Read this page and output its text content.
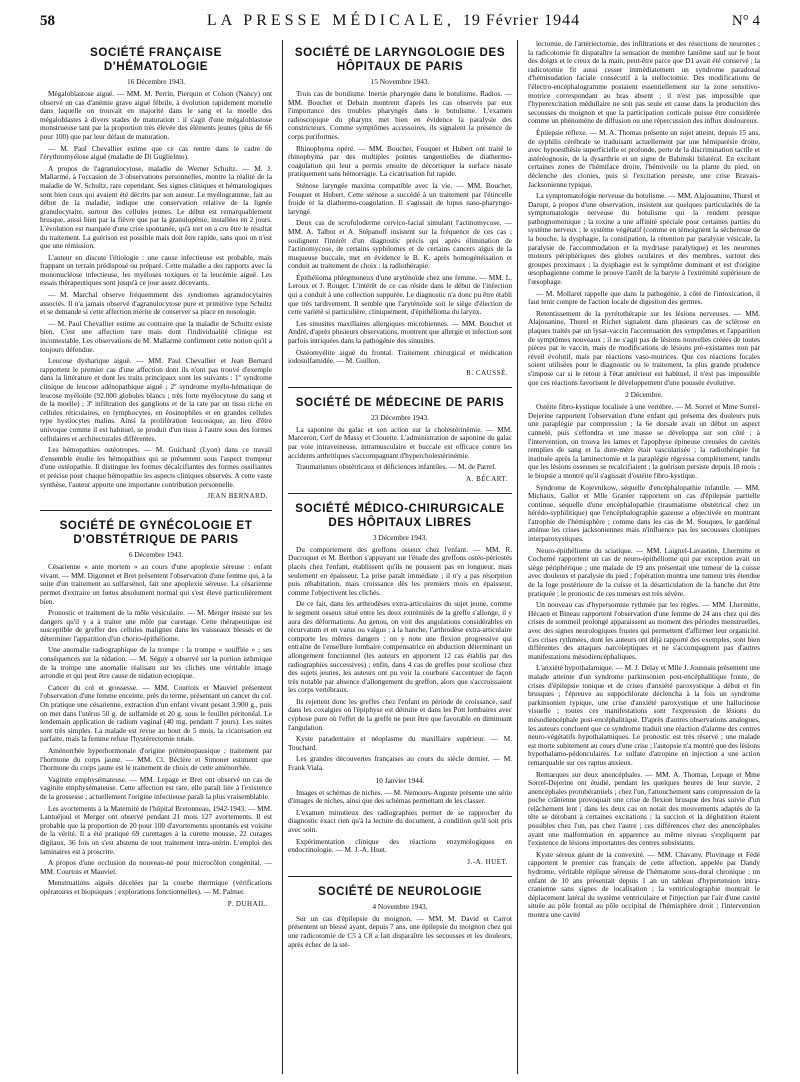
58	LA PRESSE MÉDICALE, 19 Février 1944	N° 4
SOCIÉTÉ FRANÇAISE D'HÉMATOLOGIE
16 Décembre 1943.

Mégaloblastose aiguë. — MM. M. Perrin, Pierquin et Colson (Nancy) ont observé un cas d'anémie grave aiguë fébrile, à évolution rapidement mortelle dans laquelle on trouvait en majorité dans le sang et la moelle des mégaloblastes à divers stades de maturation : il s'agit d'une mégaloblastose monstrueuse tant par la proportion très élevée des éléments jeunes (plus de 66 pour 100) que par leur défaut de maturation.

— M. Paul Chevallier estime que ce cas rentre dans le cadre de l'érythromyélose aiguë (maladie de Di Guglielmo).

A propos de l'agranulocytose, maladie de Werner Schultz. — M. J. Mallarmé, à l'occasion de 3 observations personnelles, montre la réalité de la maladie de W. Schultz, rare cependant. Ses signes cliniques et hématologiques sont bien ceux qui avaient été décrits par son auteur. Le myélogramme, fait au début de la maladie, indique une conservation relative de la lignée granulocytaire, surtout des cellules jeunes. Le début est remarquablement brusque, aussi bien par la fièvre que par la granulopénie, installées en 2 jours. L'évolution est marquée d'une crise spontanée, qu'à tort on a cru être le résultat du traitement. La guérison est possible mais doit être rapide, sans quoi on n'est que une rémission.

L'auteur en discute l'étiologie : une cause infectieuse est probable, mais frappant un terrain prédisposé ou préparé. Cette maladie a des rapports avec la mononucléose infectieuse, les myéloses toxiques et la leucémie aiguë. Les essais thérapeutiques sont jusqu'à ce jour assez décevants.

— M. Marchal observe fréquemment des syndromes agranulocytaires associés. Il n'a jamais observé d'agranulocytose pure et primitive type Schultz et se demande si cette affection mérite de conserver sa place en nosologie.

— M. Paul Chevallier estime au contraire que la maladie de Schultz existe bien. C'est une affection rare mais dont l'individualité clinique est incontestable. Les observations de M. Mallarmé confirment cette notion qu'il a toujours défendue.

Leucose dysharique aiguë. — MM. Paul Chevallier et Jean Bernard rapportent le premier cas d'une affection dont ils n'ont pas trouvé d'exemple dans la littérature et dont les traits principaux sont les suivants : 1º syndrome clinique de leucose adénopathique aiguë ; 2º syndrome myélo-hématique de leucose myéloïde (92.000 globules blancs ; très forte myélocytose du sang et de la moelle) ; 3º infiltration des ganglions et de la rate par un tissu riche en cellules réticulaires, en lymphocytes, en éosinophiles et en grandes cellules type hystiocytes malins. Ainsi la prolifération leucosique, au lieu d'être univoque comme il est habituel, se produit d'un tissu à l'autre sous des formes cellulaires et architecturales différentes.

Les hémopathies ostéotropes. — M. Guichard (Lyon) dans ce travail d'ensemble étudie les hémopathies qui se présentent sous l'aspect trompeur d'une ostéopathie. Il distingue les formes décalcifiantes des formes ossifiantes et précise pour chaque hémopathie les aspects cliniques observés. A cette vaste synthèse, l'auteur apporte une importante contribution personnelle.

JEAN BERNARD.
SOCIÉTÉ DE GYNÉCOLOGIE ET D'OBSTÉTRIQUE DE PARIS
6 Décembre 1943.

Césarienne « ante mortem » au cours d'une apoplexie séreuse : enfant vivant. — MM. Digonnet et Bret présentent l'observation d'une femme qui, à la suite d'un traitement au sulfarsénol, fait une apoplexie séreuse. La césarienne permet d'extraire un fœtus absolument normal qui s'est élevé particulièrement bien.

Pronostic et traitement de la môle vésiculaire. — M. Merger insiste sur les dangers qu'il y a à traiter une môle par curetage. Cette thérapeutique est susceptible de greffer des cellules malignes dans les vaisseaux blessés et de déterminer l'apparition d'un chorio-épithéliome.

Une anomalie radiographique de la trompe : la trompe « soufflée » ; ses conséquences sur la nidation. — M. Séguy a observé sur la portion isthmique de la trompe une anomalie réalisant sur les clichés une véritable image arrondie et qui peut être cause de nidation ectopique.

Cancer du col et grossesse. — MM. Courtois et Mauviel présentent l'observation d'une femme enceinte, près du terme, présentant un cancer du col. On pratique une césarienne, extraction d'un enfant vivant pesant 3.900 g., puis on met dans l'utérus 50 g. de sulfamide et 20 g. sous le feuillet péritonéal. Le lendemain application de radium vaginal (40 mg. pendant 7 jours). Les suites sont très simples. La malade est revue au bout de 5 mois, la cicatrisation est parfaite, mais la femme refuse l'hystérectomie totale.

Aménorrhée hyperhormonale d'origine préménopausique ; traitement par l'hormone du corps jaune. — MM. Cl. Béclère et Simonet estiment que l'hormone du corps jaune est le traitement de choix de cette aménorrhée.

Vaginite emphysémateuse. — MM. Lepage et Bret ont observé un cas de vaginite emphysémateuse. Cette affection est rare, elle paraît liée à l'existence de la grossesse ; actuellement l'origine infectieuse paraît la plus vraisemblable.

Les avortements à la Maternité de l'hôpital Bretonneau, 1942-1943. — MM. Lantuéjoul et Merger ont observé pendant 21 mois 127 avortements. Il est probable que la proportion de 20 pour 100 d'avortements spontanés est voisine de la vérité. Il a été pratiqué 69 curettages à la curette mousse, 22 curages digitaux, 36 fois on s'est abstenu de tout traitement intra-utérin. L'emploi des laminaires est à proscrire.

A propos d'une occlusion du nouveau-né pour microcôlon congénital. — MM. Courtois et Mauviel.

Menstruations aiguës décelées par la courbe thermique (vérifications opératoires et biopsiques ; explorations fonctionnelles). — M. Palmer.

P. DUHAIL.
SOCIÉTÉ DE LARYNGOLOGIE DES HÔPITAUX DE PARIS
15 Novembre 1943.

Trois cas de botulisme. Inertie pharyngée dans le botulisme. Radios. — MM. Bouchet et Debain montrent d'après les cas observés par eux l'importance des troubles pharyngés dans le botulisme. L'examen radioscopique du pharynx met bien en évidence la paralysie des constricteurs. Comme symptômes accessoires, ils signalent la présence de corps puriformes.

Rhinophyma opéré. — MM. Bouchet, Fouquet et Hubert ont traité le rhinophyma par des multiples pointes tangentielles de diathermo-coagulation qui leur a permis ensuite de décortiquer la surface nasale pratiquement sans hémorragie. La cicatrisation fut rapide.

Sténose laryngée maxima compatible avec la vie. — MM. Bouchet, Fouquet et Hubert. Cette sténose a succédé à un traitement par l'étincelle froide et la diathermo-coagulation. Il s'agissait de lupus naso-pharyngo-laryngé.

Deux cas de scrofuloderme cervico-facial simulant l'actinomycose. — MM. A. Talbot et A. Stépanoff insistent sur la fréquence de ces cas ; soulignent l'intérêt d'un diagnostic précis qui après élimination de l'actinomycose, de certains syphilomes et de certains cancers aigus de la muqueuse buccale, met en évidence le B. K. après homogénéisation et conduit au traitement de choix : la radiothérapie.

Épithélioma phlegmoneux d'une aryténoïde chez une femme. — MM. L. Leroux et J. Rouget. L'intérêt de ce cas réside dans le début de l'infection qui a conduit à une collection suppurée. Le diagnostic n'a donc pu être établi que très tardivement. Il semble que l'aryténoïde soit le siège d'élection de cette variété si particulière, cliniquement, d'épithélioma du larynx.

Les sinusites maxillaires allergiques microbiennes. — MM. Bouchet et André, d'après plusieurs observations, montrent que allergie et infection sont parfois intriquées dans la pathogénie des sinusites.

Ostéomyélite aiguë du frontal. Traitement chirurgical et médication iodosulfamidée. — M. Guillon.

R. CAUSSÉ.
SOCIÉTÉ DE MÉDECINE DE PARIS
23 Décembre 1943.

La saponine du galac et son action sur la cholestérinémie. — MM. Marceron, Cerf de Massy et Clouette. L'administration de saponine du galac par voie intraveineuse, intramusculaire et buccale est efficace contre les accidents arthritiques s'accompagnant d'hypercholestérinémie.

Traumatismes obstétricaux et déficiences infantiles. — M. de Parrel.

A. BÉCART.
SOCIÉTÉ MÉDICO-CHIRURGICALE DES HÔPITAUX LIBRES
3 Décembre 1943.

Du comportement des greffons osseux chez l'enfant. — MM. R. Ducroquet et M. Berthon s'appuyant sur l'étude des greffons ostéo-périostés placés chez l'enfant, établissent qu'ils ne poussent pas en longueur, mais seulement en épaisseur. La prise paraît immédiate ; il n'y a pas résorption puis réhabitation, mais croissance dès les premiers mois en épaisseur, comme l'objectivent les clichés.

De ce fait, dans les arthrodèses extra-articulaires du sujet jeune, comme le segment osseux situé entre les deux extrémités de la greffe s'allonge, il y aura des déformations. Au genou, on voit des angulations considérables en récurvatum et en varus ou valgus ; à la hanche, l'arthrodèse extra-articulaire comporte les mêmes dangers : on y note une flexion progressive qui entraîne de l'ensellure lombaire compensatrice en abduction déterminant un allongement fonctionnel (les auteurs en apportent 12 cas établis par des radiographies successives) ; enfin, dans 4 cas de greffes pour scoliose chez des sujets jeunes, les auteurs ont pu voir la courbure s'accentuer de façon très notable par absence d'allongement du greffon, alors que s'accroissaient les corps vertébraux.

Ils rejettent donc les greffes chez l'enfant en période de croissance, sauf dans les coxalgies où l'épiphyse est détruite et dans les Pott lombaires avec cyphose pure où l'effet de la greffe ne peut être que favorable en diminuant l'angulation.

Kyste paradentaire et néoplasme du maxillaire supérieur. — M. Touchard.

Les grandes découvertes françaises au cours du siècle dernier. — M. Frank Viala.

10 Janvier 1944.

Images et schémas de niches. — M. Nemours-Auguste présente une série d'images de niches, ainsi que des schémas permettant de les classer.

L'examen minutieux des radiographies permet de se rapprocher du diagnostic exact rien qu'à la lecture du document, à condition qu'il soit pris avec soin.

Expérimentation clinique des réactions enzymologiques en endocrinologie. — M. J.-A. Huet.

J.-A. HUET.
SOCIÉTÉ DE NEUROLOGIE
4 Novembre 1943.

Sur un cas d'épilepsie du moignon. — MM. M. David et Carrot présentent un blessé ayant, depuis 7 ans, une épilepsie du moignon chez qui une radicotomie de C5 à C8 a fait disparaître les secousses et les douleurs, après échec de la sté-

lectomie, de l'artériectomie, des infiltrations et des résections de neurones ; la radicotomie fit disparaître la sensation de membre fantôme sauf sur le bout des doigts et le creux de la main, peut-être parce que D1 avait été conservé ; la radicotomie fit aussi cesser immédiatement un syndrome paradoxal d'hémisudation faciale consécutif à la stellectomie. Des modifications de l'électro-encéphalogramme postaient essentiellement sur la zone sensitivo-motrice correspondant au bras absent ; il n'est pas impossible que l'hyperexcitation médullaire ne soit pas seule en cause dans la production des secousses du moignon et que la participation corticale puisse être considérée comme un phénomène de diffusion ou une répercussion des influx douloureux.

Épilepsie réflexe. — M. A. Thomas présente un sujet atteint, depuis 15 ans, de syphilis cérébrale se traduisant actuellement par une hémiparésie droite, avec hypoesthésie superficielle et profonde, perte de la discrimination tactile et astéréognosie, de la dysarthrie et un signe de Babinski bilatéral. En excitant certaines zones de l'hémiface droite, l'hémivoile ou la plante du pied, on déclenche des clonies, puis si l'excitation persiste, une crise Bravais-Jacksonienne typique.

La symptomatologie nerveuse du botulisme. — MM. Alajouanine, Thurel et Darupt, à propos d'une observation, insistent sur quelques particularités de la symptomatologie nerveuse du botulisme qui la rendent presque pathognomonique ; la toxine a une affinité spéciale pour certaines parties du système nerveux ; le système végétatif (comme en témoignent la sécheresse de la bouche, la dysphagie, la constipation, la rétention par paralysie vésicale, la paralysie de l'accommodation et la mydriase paralytique) et les neurones moteurs périphériques des globes oculaires et des membres, surtout des groupes proximaux ; la dysphagie est le symptôme dominant et est d'origine œsophagienne comme le prouve l'arrêt de la baryte à l'extrémité supérieure de l'œsophage.

— M. Mollaret rappelle que dans la pathogénie, à côté de l'intoxication, il faut tenir compte de l'action locale de digestion des germes.

Retentissement de la pyrétothérapie sur les lésions nerveuses. — MM. Alajouanine, Thurel et Richet signalent dans plusieurs cas de sclérose en plaques traités par un lysat-vaccin l'accentuation des symptômes et l'apparition de symptômes nouveaux ; il ne s'agit pas de lésions nouvelles créées de toutes pièces par le vaccin, mais de modifications de lésions pré-existantes non par réveil évolutif, mais par réactions vaso-motrices. Que ces réactions focales soient utilisées pour le diagnostic ou le traitement, la plus grande prudence s'impose car si le retour à l'état antérieur est habituel, il n'est pas impossible que ces réactions favorisent le développement d'une poussée évolutive.

2 Décembre.

Ostéite fibro-kystique localisée à une vertèbre. — M. Sorrel et Mme Sorrel-Dejerine rapportent l'observation d'une enfant qui présenta des douleurs puis une paraplégie par compression ; la 6e dorsale avait un début un aspect cannelé, puis s'effondra et une masse se développa sur son côté ; à l'intervention, on trouva les lames et l'apophyse épineuse creusées de cavités remplies de sang et la dure-mère était vascularisée ; la radiothérapie fut instituée après la laminectomie et la paraplégie régressa complètement, tandis que les lésions osseuses se recalcifiaient ; la guérison persiste depuis 18 mois ; le biopsie a montré qu'il s'agissait d'ostéite fibro-kystique.

Syndrome de Kojevnikow, séquelle d'encéphalopathie infantile. — MM. Michaux, Gallot et Mlle Granier rapportent un cas d'épilepsie partielle continue, séquelle d'une encéphalopathie (traumatisme obstétrical chez un hérédo-syphilitique) que l'encéphalographie gazeuse a objectivée en montrant l'atrophie de l'hémisphère ; comme dans les cas de M. Souques, le gardénal atténue les crises jacksoniennes mais n'influence pas les secousses cloniques interparoxystiques.

Neuro-épithéliome du sciatique. — MM. Laignel-Lavastine, Lhermitte et Cochemé rapportent un cas de neuro-épithéliome qui par exception avait un siège périphérique ; une malade de 19 ans présentait une tumeur de la cuisse avec douleurs et paralysie du pied ; l'opération montra une tumeur très étendue de la loge postérieure de la cuisse et la désarticulation de la hanche dut être pratiquée ; le pronostic de ces tumeurs est très sévère.

Un nouveau cas d'hypersomnie rythmée par les règles. — MM. Lhermitte, Hécaen et Bineau rapportent l'observation d'une femme de 24 ans chez qui des crises de sommeil prolongé apparaissent au moment des périodes menstruelles, avec des signes neurologiques frustes qui permettent d'affirmer leur organicité. Ces crises rythmées, dont les auteurs ont déjà rapporté des exemples, sont bien différentes des attaques narcoleptiques et ne s'accompagnent pas d'autres manifestations mésodiencéphaliques.

L'anxiété hypothalamique. — M. J. Delay et Mlle J. Jounnais présentent une malade atteinte d'un syndrome parkinsonien post-encéphalitique fruste, de crises d'épilepsie tonique et de crises d'anxiété paroxystique à début et fin brusques ; l'épreuve au suppochlorate déclencha à la fois un syndrome parkinsonien typique, une crise d'anxiété paroxystique et une hallucinose visuelle ; toutes ces manifestations sont l'expression de lésions du mésodiencéphale post-encéphalitique. D'après d'autres observations analogues, les auteurs concluent que ce syndrome traduit une réaction d'alarme des centres neuro-végétatifs hypothalamiques. Le pronostic est très réservé ; une malade est morte subitement au cours d'une crise ; l'autopsie n'a montré que des lésions hypothalamo-pédonculaires. Le sulfate d'atropine en injection a une action remarquable sur ces raptus anxieux.

Remarques sur deux anencéphales. — MM. A. Thomas, Lepage et Mme Sorrel-Dejerine ont étudié, pendant les quelques heures de leur survie, 2 anencéphales protubérantiels ; chez l'un, l'attouchement sans compression de la poche crânienne provoquait une crise de flexion brusque des bras suivie d'un relâchement lent ; dans les deux cas on notait des mouvements adaptés de la tête se dérobant à certaines excitations ; la succion et la déglutition étaient possibles chez l'un, pas chez l'autre ; ces différences chez des anencéphales ayant une malformation en apparence au même niveau s'expliquent par l'existence de lésions importantes des centres subsistants.

Kyste séreux géant de la convexité. — MM. Chavany, Pluvinage et Fédé rapportent le premier cas français de cette affection, appelée par Dandy hydrome, véritable réplique séreuse de l'hématome sous-dural chronique ; un enfant de 10 ans présentait depuis 1 an un tableau d'hypertension intra-cranienne sans signes de localisation ; la ventriculographie montrait le déplacement latéral du système ventriculaire et l'injection par l'air d'une cavité située au pôle frontal au pôle occipital de l'hémisphère droit ; l'intervention montra une cavité
